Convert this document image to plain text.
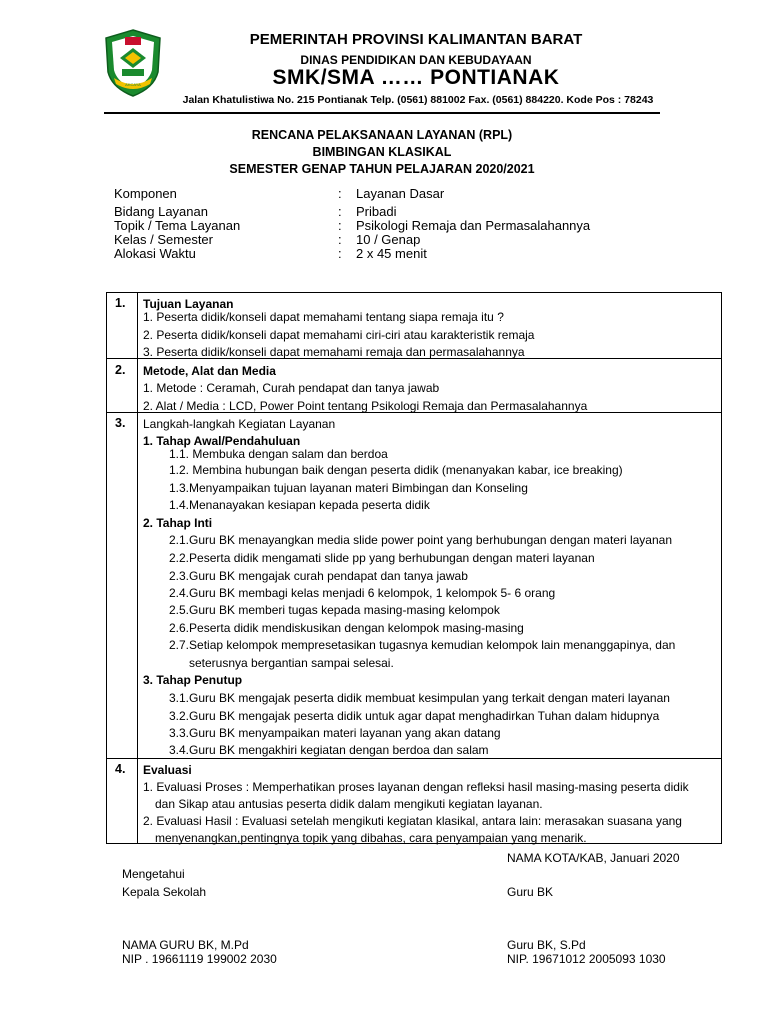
AKCAYA
PEMERINTAH PROVINSI KALIMANTAN BARAT
DINAS PENDIDIKAN DAN KEBUDAYAAN
SMK/SMA …… PONTIANAK
Jalan Khatulistiwa No. 215 Pontianak Telp. (0561) 881002 Fax. (0561) 884220. Kode Pos : 78243
RENCANA PELAKSANAAN LAYANAN (RPL)
BIMBINGAN KLASIKAL
SEMESTER GENAP TAHUN PELAJARAN 2020/2021
Komponen	: Layanan Dasar
Bidang Layanan	: Pribadi
Topik / Tema Layanan	: Psikologi Remaja dan Permasalahannya
Kelas / Semester	: 10 / Genap
Alokasi Waktu	: 2 x 45 menit
1. Tujuan Layanan
1. Peserta didik/konseli dapat memahami tentang siapa remaja itu ?
2. Peserta didik/konseli dapat memahami ciri-ciri atau karakteristik remaja
3. Peserta didik/konseli dapat memahami remaja dan permasalahannya
2. Metode, Alat dan Media
1. Metode : Ceramah, Curah pendapat dan tanya jawab
2. Alat / Media : LCD, Power Point tentang Psikologi Remaja dan Permasalahannya
3. Langkah-langkah Kegiatan Layanan
1. Tahap Awal/Pendahuluan
1.1. Membuka dengan salam dan berdoa
1.2. Membina hubungan baik dengan peserta didik (menanyakan kabar, ice breaking)
1.3.Menyampaikan tujuan layanan materi Bimbingan dan Konseling
1.4.Menanayakan kesiapan kepada peserta didik
2. Tahap Inti
2.1.Guru BK menayangkan media slide power point yang berhubungan dengan materi layanan
2.2.Peserta didik mengamati slide pp yang berhubungan dengan materi layanan
2.3.Guru BK mengajak curah pendapat dan tanya jawab
2.4.Guru BK membagi kelas menjadi 6 kelompok, 1 kelompok 5- 6 orang
2.5.Guru BK memberi tugas kepada masing-masing kelompok
2.6.Peserta didik mendiskusikan dengan kelompok masing-masing
2.7.Setiap kelompok mempresetasikan tugasnya kemudian kelompok lain menanggapinya, dan
seterusnya bergantian sampai selesai.
3. Tahap Penutup
3.1.Guru BK mengajak peserta didik membuat kesimpulan yang terkait dengan materi layanan
3.2.Guru BK mengajak peserta didik untuk agar dapat menghadirkan Tuhan dalam hidupnya
3.3.Guru BK menyampaikan materi layanan yang akan datang
3.4.Guru BK mengakhiri kegiatan dengan berdoa dan salam
4. Evaluasi
1. Evaluasi Proses : Memperhatikan proses layanan dengan refleksi hasil masing-masing peserta didik
dan Sikap atau antusias peserta didik dalam mengikuti kegiatan layanan.
2. Evaluasi Hasil : Evaluasi setelah mengikuti kegiatan klasikal, antara lain: merasakan suasana yang
menyenangkan,pentingnya topik yang dibahas, cara penyampaian yang menarik.
NAMA KOTA/KAB, Januari 2020
Mengetahui
Kepala Sekolah	Guru BK
NAMA GURU BK, M.Pd
NIP . 19661119 199002 2030
Guru BK, S.Pd
NIP. 19671012 2005093 1030
